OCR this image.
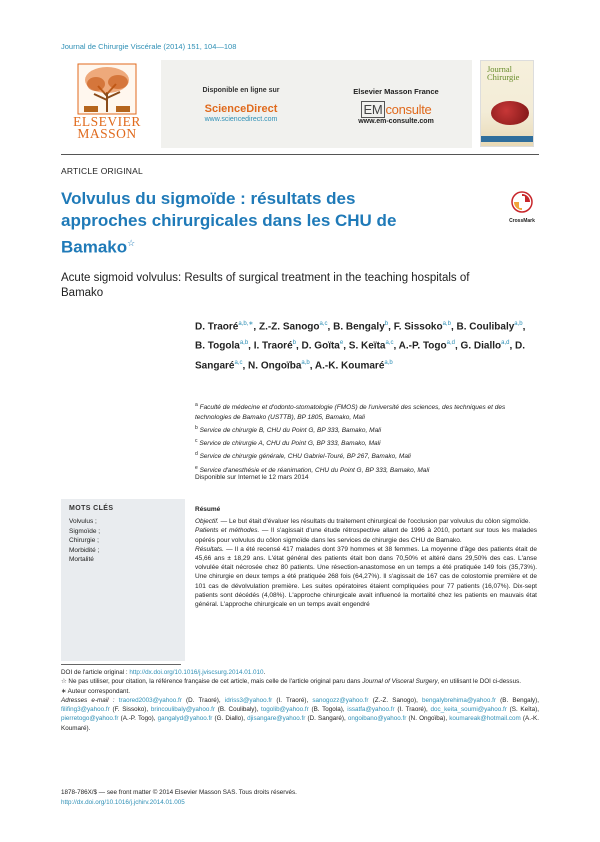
Journal de Chirurgie Viscérale (2014) 151, 104—108
ELSEVIER
MASSON
Disponible en ligne sur
ScienceDirect
www.sciencedirect.com
Elsevier Masson France
EM consulte
www.em-consulte.com
Journal
Chirurgie
ARTICLE ORIGINAL
Volvulus du sigmoïde : résultats des approches chirurgicales dans les CHU de Bamako☆
CrossMark
Acute sigmoid volvulus: Results of surgical treatment in the teaching hospitals of Bamako
D. Traoré$^{a,b,∗}$, Z.-Z. Sanogo$^{a,c}$, B. Bengaly$^b$, F. Sissoko$^{a,b}$, B. Coulibaly$^{a,b}$, B. Togola$^{a,b}$, I. Traoré$^b$, D. Goïta$^e$, S. Keïta$^{a,c}$, A.-P. Togo$^{a,d}$, G. Diallo$^{a,d}$, D. Sangaré$^{a,c}$, N. Ongoïba$^{a,b}$, A.-K. Koumaré$^{a,b}$
$^a$ Faculté de médecine et d'odonto-stomatologie (FMOS) de l'université des sciences, des techniques et des technologies de Bamako (USTTB), BP 1805, Bamako, Mali
$^b$ Service de chirurgie B, CHU du Point G, BP 333, Bamako, Mali
$^c$ Service de chirurgie A, CHU du Point G, BP 333, Bamako, Mali
$^d$ Service de chirurgie générale, CHU Gabriel-Touré, BP 267, Bamako, Mali
$^e$ Service d'anesthésie et de réanimation, CHU du Point G, BP 333, Bamako, Mali
Disponible sur Internet le 12 mars 2014
MOTS CLÉS
Volvulus ;
Sigmoïde ;
Chirurgie ;
Morbidité ;
Mortalité
Résumé
Objectif. — Le but était d'évaluer les résultats du traitement chirurgical de l'occlusion par volvulus du côlon sigmoïde.
Patients et méthodes. — Il s'agissait d'une étude rétrospective allant de 1996 à 2010, portant sur tous les malades opérés pour volvulus du côlon sigmoïde dans les services de chirurgie des CHU de Bamako.
Résultats. — Il a été recensé 417 malades dont 379 hommes et 38 femmes. La moyenne d'âge des patients était de 45,66 ans ± 18,29 ans. L'état général des patients était bon dans 70,50% et altéré dans 29,50% des cas. L'anse volvulée était nécrosée chez 80 patients. Une résection-anastomose en un temps a été pratiquée 149 fois (35,73%). Une chirurgie en deux temps a été pratiquée 268 fois (64,27%). Il s'agissait de 167 cas de colostomie première et de 101 cas de dévolvulation première. Les suites opératoires étaient compliquées pour 77 patients (16,07%). Dix-sept patients sont décédés (4,08%). L'approche chirurgicale avait influencé la mortalité chez les patients en mauvais état général. L'approche chirurgicale en un temps avait engendré
DOI de l'article original : http://dx.doi.org/10.1016/j.jviscsurg.2014.01.010.
☆ Ne pas utiliser, pour citation, la référence française de cet article, mais celle de l'article original paru dans Journal of Visceral Surgery, en utilisant le DOI ci-dessus.
∗ Auteur correspondant.
Adresses e-mail : traored2003@yahoo.fr (D. Traoré), idriss3@yahoo.fr (I. Traoré), sanogozz@yahoo.fr (Z.-Z. Sanogo), bengalybrehima@yahoo.fr (B. Bengaly), filifing3@yahoo.fr (F. Sissoko), brincoulibaly@yahoo.fr (B. Coulibaly), togolib@yahoo.fr (B. Togola), issatfa@yahoo.fr (I. Traoré), doc_keita_soumi@yahoo.fr (S. Keïta), pierretogo@yahoo.fr (A.-P. Togo), gangalyd@yahoo.fr (G. Diallo), djisangare@yahoo.fr (D. Sangaré), ongoibano@yahoo.fr (N. Ongoïba), koumareak@hotmail.com (A.-K. Koumaré).
1878-786X/$ — see front matter © 2014 Elsevier Masson SAS. Tous droits réservés.
http://dx.doi.org/10.1016/j.jchirv.2014.01.005
